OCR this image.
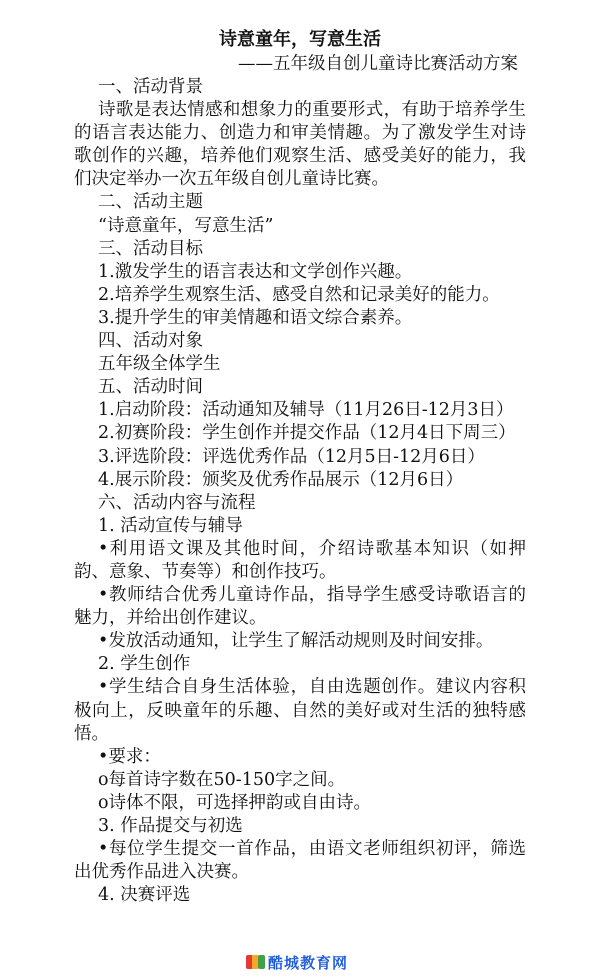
诗意童年，写意生活
——五年级自创儿童诗比赛活动方案
一、活动背景
诗歌是表达情感和想象力的重要形式，有助于培养学生的语言表达能力、创造力和审美情趣。为了激发学生对诗歌创作的兴趣，培养他们观察生活、感受美好的能力，我们决定举办一次五年级自创儿童诗比赛。
二、活动主题
“诗意童年，写意生活”
三、活动目标
1.激发学生的语言表达和文学创作兴趣。
2.培养学生观察生活、感受自然和记录美好的能力。
3.提升学生的审美情趣和语文综合素养。
四、活动对象
五年级全体学生
五、活动时间
1.启动阶段：活动通知及辅导（11月26日-12月3日）
2.初赛阶段：学生创作并提交作品（12月4日下周三）
3.评选阶段：评选优秀作品（12月5日-12月6日）
4.展示阶段：颁奖及优秀作品展示（12月6日）
六、活动内容与流程
1. 活动宣传与辅导
•利用语文课及其他时间，介绍诗歌基本知识（如押韵、意象、节奏等）和创作技巧。
•教师结合优秀儿童诗作品，指导学生感受诗歌语言的魅力，并给出创作建议。
•发放活动通知，让学生了解活动规则及时间安排。
2. 学生创作
•学生结合自身生活体验，自由选题创作。建议内容积极向上，反映童年的乐趣、自然的美好或对生活的独特感悟。
•要求：
o每首诗字数在50-150字之间。
o诗体不限，可选择押韵或自由诗。
3. 作品提交与初选
•每位学生提交一首作品，由语文老师组织初评，筛选出优秀作品进入决赛。
4. 决赛评选
酷城教育网
